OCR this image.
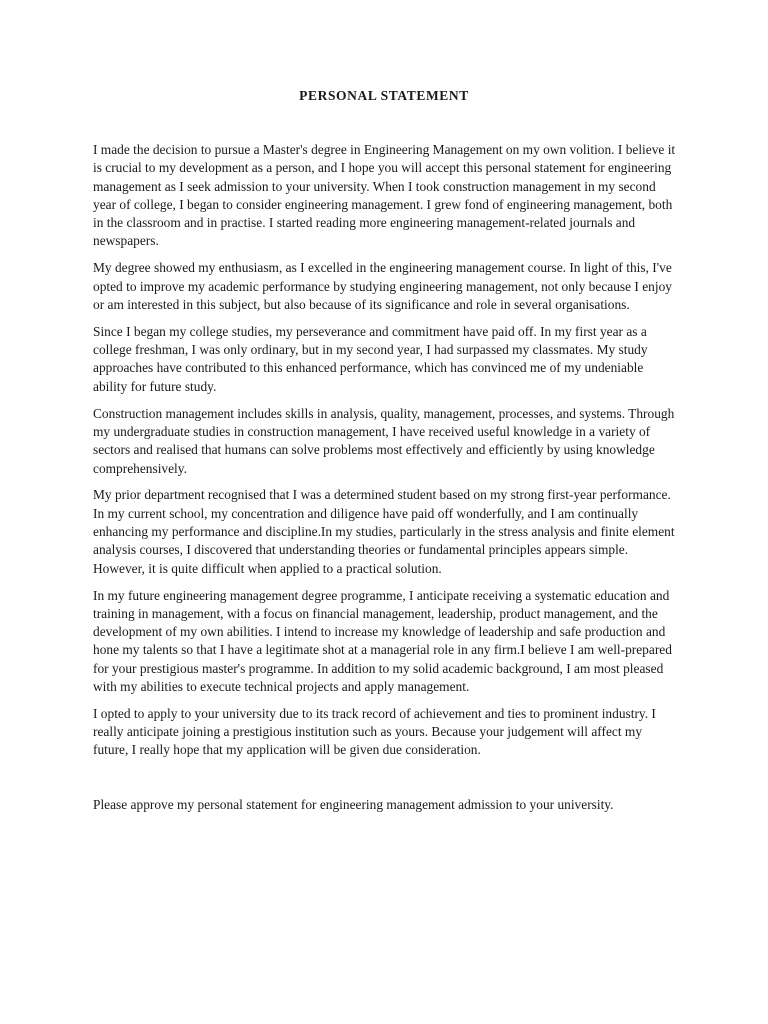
PERSONAL STATEMENT

I made the decision to pursue a Master's degree in Engineering Management on my own volition. I believe it is crucial to my development as a person, and I hope you will accept this personal statement for engineering management as I seek admission to your university. When I took construction management in my second year of college, I began to consider engineering management. I grew fond of engineering management, both in the classroom and in practise. I started reading more engineering management-related journals and newspapers.

My degree showed my enthusiasm, as I excelled in the engineering management course. In light of this, I've opted to improve my academic performance by studying engineering management, not only because I enjoy or am interested in this subject, but also because of its significance and role in several organisations.

Since I began my college studies, my perseverance and commitment have paid off. In my first year as a college freshman, I was only ordinary, but in my second year, I had surpassed my classmates. My study approaches have contributed to this enhanced performance, which has convinced me of my undeniable ability for future study.

Construction management includes skills in analysis, quality, management, processes, and systems. Through my undergraduate studies in construction management, I have received useful knowledge in a variety of sectors and realised that humans can solve problems most effectively and efficiently by using knowledge comprehensively.

My prior department recognised that I was a determined student based on my strong first-year performance. In my current school, my concentration and diligence have paid off wonderfully, and I am continually enhancing my performance and discipline.In my studies, particularly in the stress analysis and finite element analysis courses, I discovered that understanding theories or fundamental principles appears simple. However, it is quite difficult when applied to a practical solution.

In my future engineering management degree programme, I anticipate receiving a systematic education and training in management, with a focus on financial management, leadership, product management, and the development of my own abilities. I intend to increase my knowledge of leadership and safe production and hone my talents so that I have a legitimate shot at a managerial role in any firm.I believe I am well-prepared for your prestigious master's programme. In addition to my solid academic background, I am most pleased with my abilities to execute technical projects and apply management.

I opted to apply to your university due to its track record of achievement and ties to prominent industry. I really anticipate joining a prestigious institution such as yours. Because your judgement will affect my future, I really hope that my application will be given due consideration.

Please approve my personal statement for engineering management admission to your university.
